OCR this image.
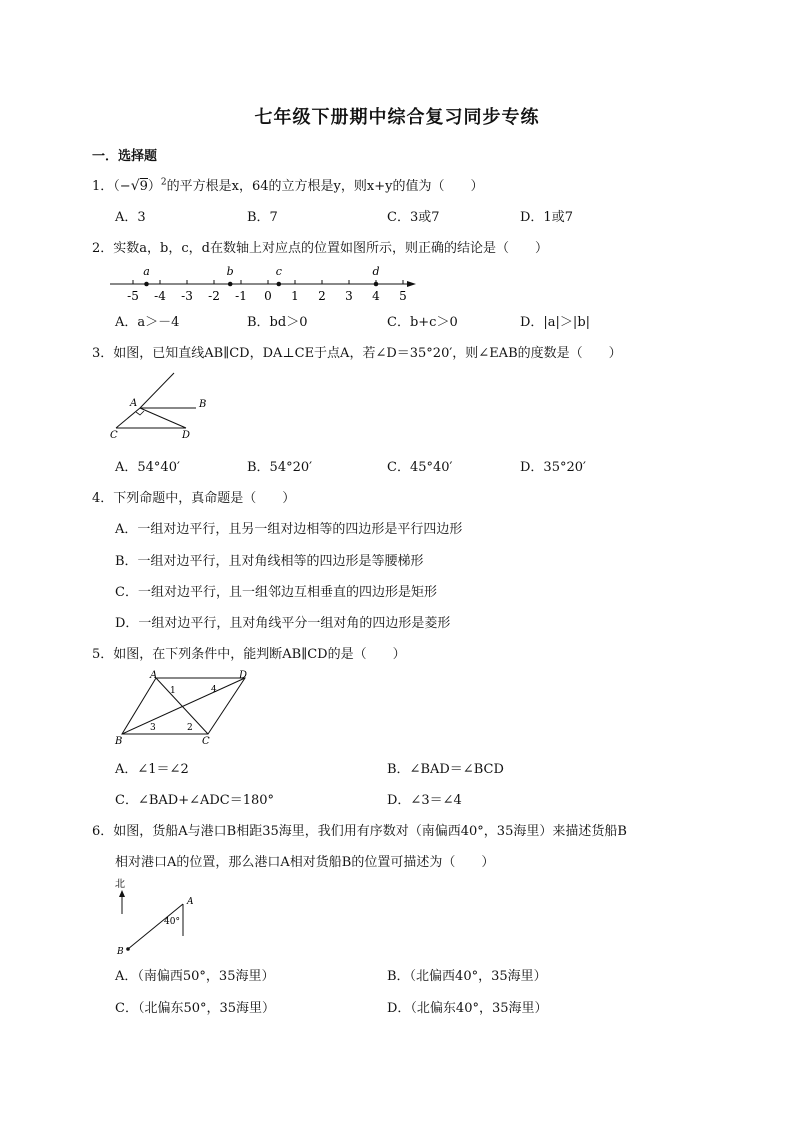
七年级下册期中综合复习同步专练
一．选择题
1．$(-√9)^2$的平方根是x，64的立方根是y，则x+y的值为（　　）
A．3	B．7	C．3或7	D．1或7
2．实数a，b，c，d在数轴上对应点的位置如图所示，则正确的结论是（　　）
-5 -4 -3 -2 -1 0 1 2 3 4 5
a	b	c	d
A．a＞－4	B．bd＞0	C．b+c＞0	D．|a|＞|b|
3．如图，已知直线AB∥CD，DA⊥CE于点A，若∠D＝35°20′，则∠EAB的度数是（　　）
A	B
C	D
A．54°40′	B．54°20′	C．45°40′	D．35°20′
4．下列命题中，真命题是（　　）
A．一组对边平行，且另一组对边相等的四边形是平行四边形
B．一组对边平行，且对角线相等的四边形是等腰梯形
C．一组对边平行，且一组邻边互相垂直的四边形是矩形
D．一组对边平行，且对角线平分一组对角的四边形是菱形
5．如图，在下列条件中，能判断AB∥CD的是（　　）
A	D
B	C
1
2
3
4
A．∠1＝∠2	B．∠BAD＝∠BCD
C．∠BAD+∠ADC＝180°	D．∠3＝∠4
6．如图，货船A与港口B相距35海里，我们用有序数对（南偏西40°，35海里）来描述货船B
相对港口A的位置，那么港口A相对货船B的位置可描述为（　　）
北
A
B
40°
A．（南偏西50°，35海里）	B．（北偏西40°，35海里）
C．（北偏东50°，35海里）	D．（北偏东40°，35海里）
